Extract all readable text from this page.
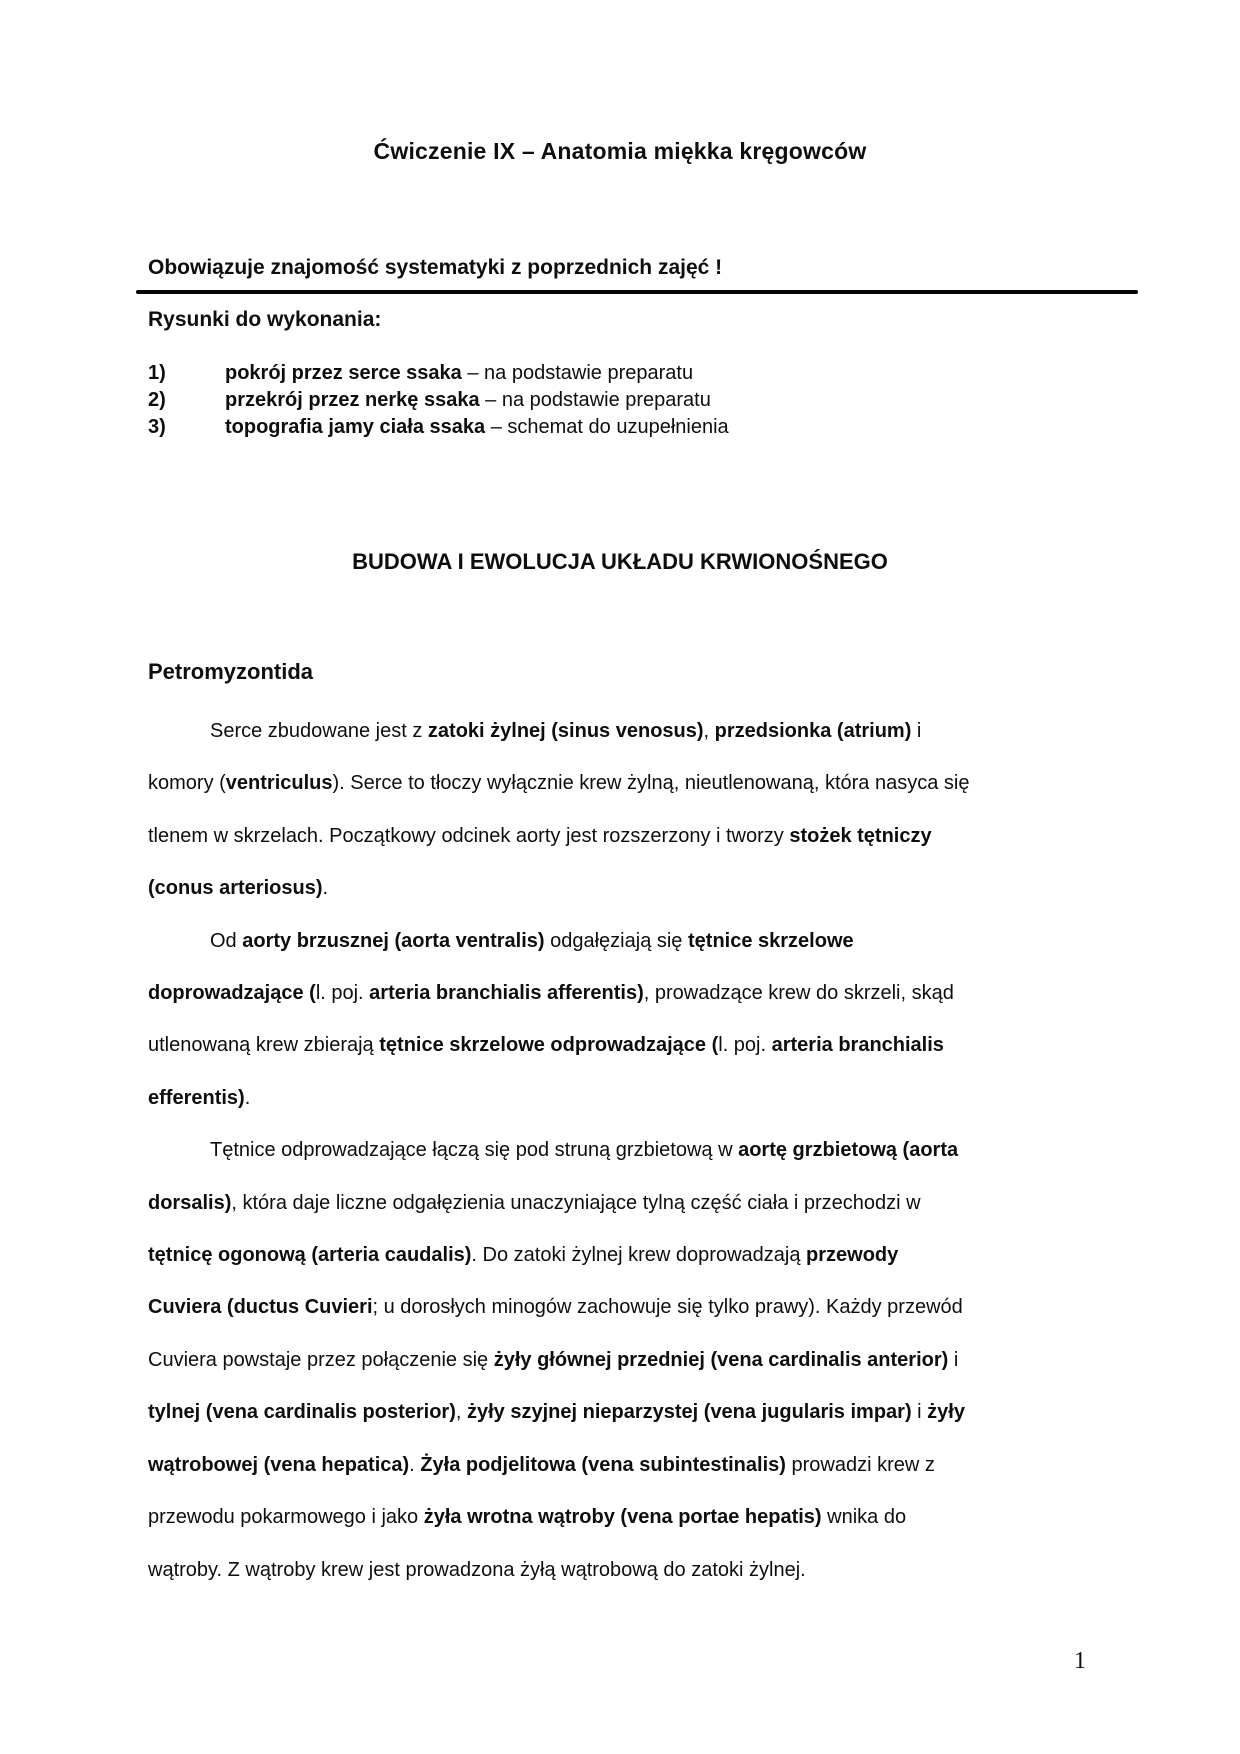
Ćwiczenie IX – Anatomia miękka kręgowców
Obowiązuje znajomość systematyki z poprzednich zajęć !
Rysunki do wykonania:
1)	pokrój przez serce ssaka – na podstawie preparatu
2)	przekrój przez nerkę ssaka – na podstawie preparatu
3)	topografia jamy ciała ssaka – schemat do uzupełnienia
BUDOWA I EWOLUCJA UKŁADU KRWIONOŚNEGO
Petromyzontida

Serce zbudowane jest z zatoki żylnej (sinus venosus), przedsionka (atrium) i
komory (ventriculus). Serce to tłoczy wyłącznie krew żylną, nieutlenowaną, która nasyca się
tlenem w skrzelach. Początkowy odcinek aorty jest rozszerzony i tworzy stożek tętniczy
(conus arteriosus).

Od aorty brzusznej (aorta ventralis) odgałęziają się tętnice skrzelowe
doprowadzające (l. poj. arteria branchialis afferentis), prowadzące krew do skrzeli, skąd
utlenowaną krew zbierają tętnice skrzelowe odprowadzające (l. poj. arteria branchialis
efferentis).

Tętnice odprowadzające łączą się pod struną grzbietową w aortę grzbietową (aorta
dorsalis), która daje liczne odgałęzienia unaczyniające tylną część ciała i przechodzi w
tętnicę ogonową (arteria caudalis). Do zatoki żylnej krew doprowadzają przewody
Cuviera (ductus Cuvieri; u dorosłych minogów zachowuje się tylko prawy). Każdy przewód
Cuviera powstaje przez połączenie się żyły głównej przedniej (vena cardinalis anterior) i
tylnej (vena cardinalis posterior), żyły szyjnej nieparzystej (vena jugularis impar) i żyły
wątrobowej (vena hepatica). Żyła podjelitowa (vena subintestinalis) prowadzi krew z
przewodu pokarmowego i jako żyła wrotna wątroby (vena portae hepatis) wnika do
wątroby. Z wątroby krew jest prowadzona żyłą wątrobową do zatoki żylnej.

1
